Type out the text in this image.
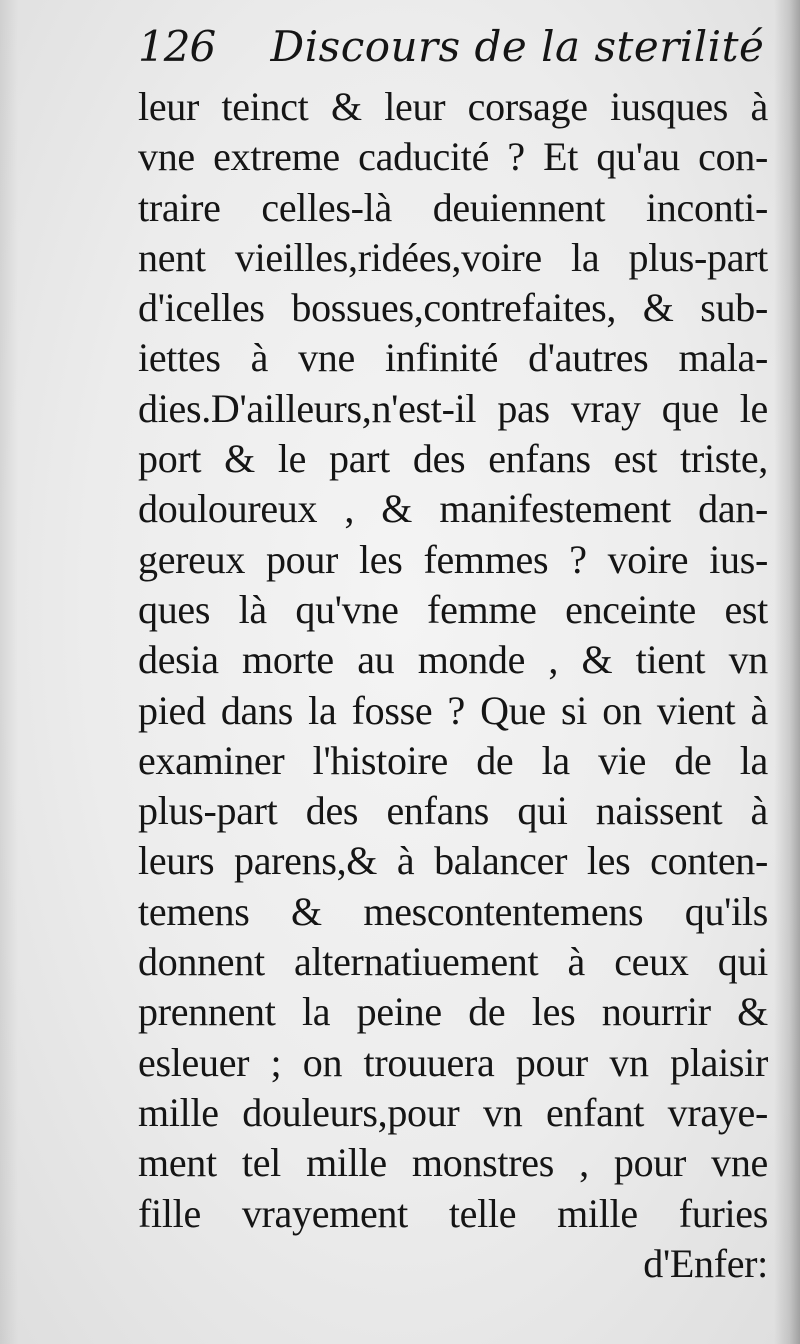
126 Discours de la sterilité
leur teinct & leur corsage iusques à
vne extreme caducité ? Et qu'au con-
traire celles-là deuiennent inconti-
nent vieilles,ridées,voire la plus-part
d'icelles bossues,contrefaites, & sub-
iettes à vne infinité d'autres mala-
dies.D'ailleurs,n'est-il pas vray que le
port & le part des enfans est triste,
douloureux , & manifestement dan-
gereux pour les femmes ? voire ius-
ques là qu'vne femme enceinte est
desia morte au monde , & tient vn
pied dans la fosse ? Que si on vient à
examiner l'histoire de la vie de la
plus-part des enfans qui naissent à
leurs parens,& à balancer les conten-
temens & mescontentemens qu'ils
donnent alternatiuement à ceux qui
prennent la peine de les nourrir &
esleuer ; on trouuera pour vn plaisir
mille douleurs,pour vn enfant vraye-
ment tel mille monstres , pour vne
fille vrayement telle mille furies
d'Enfer:
